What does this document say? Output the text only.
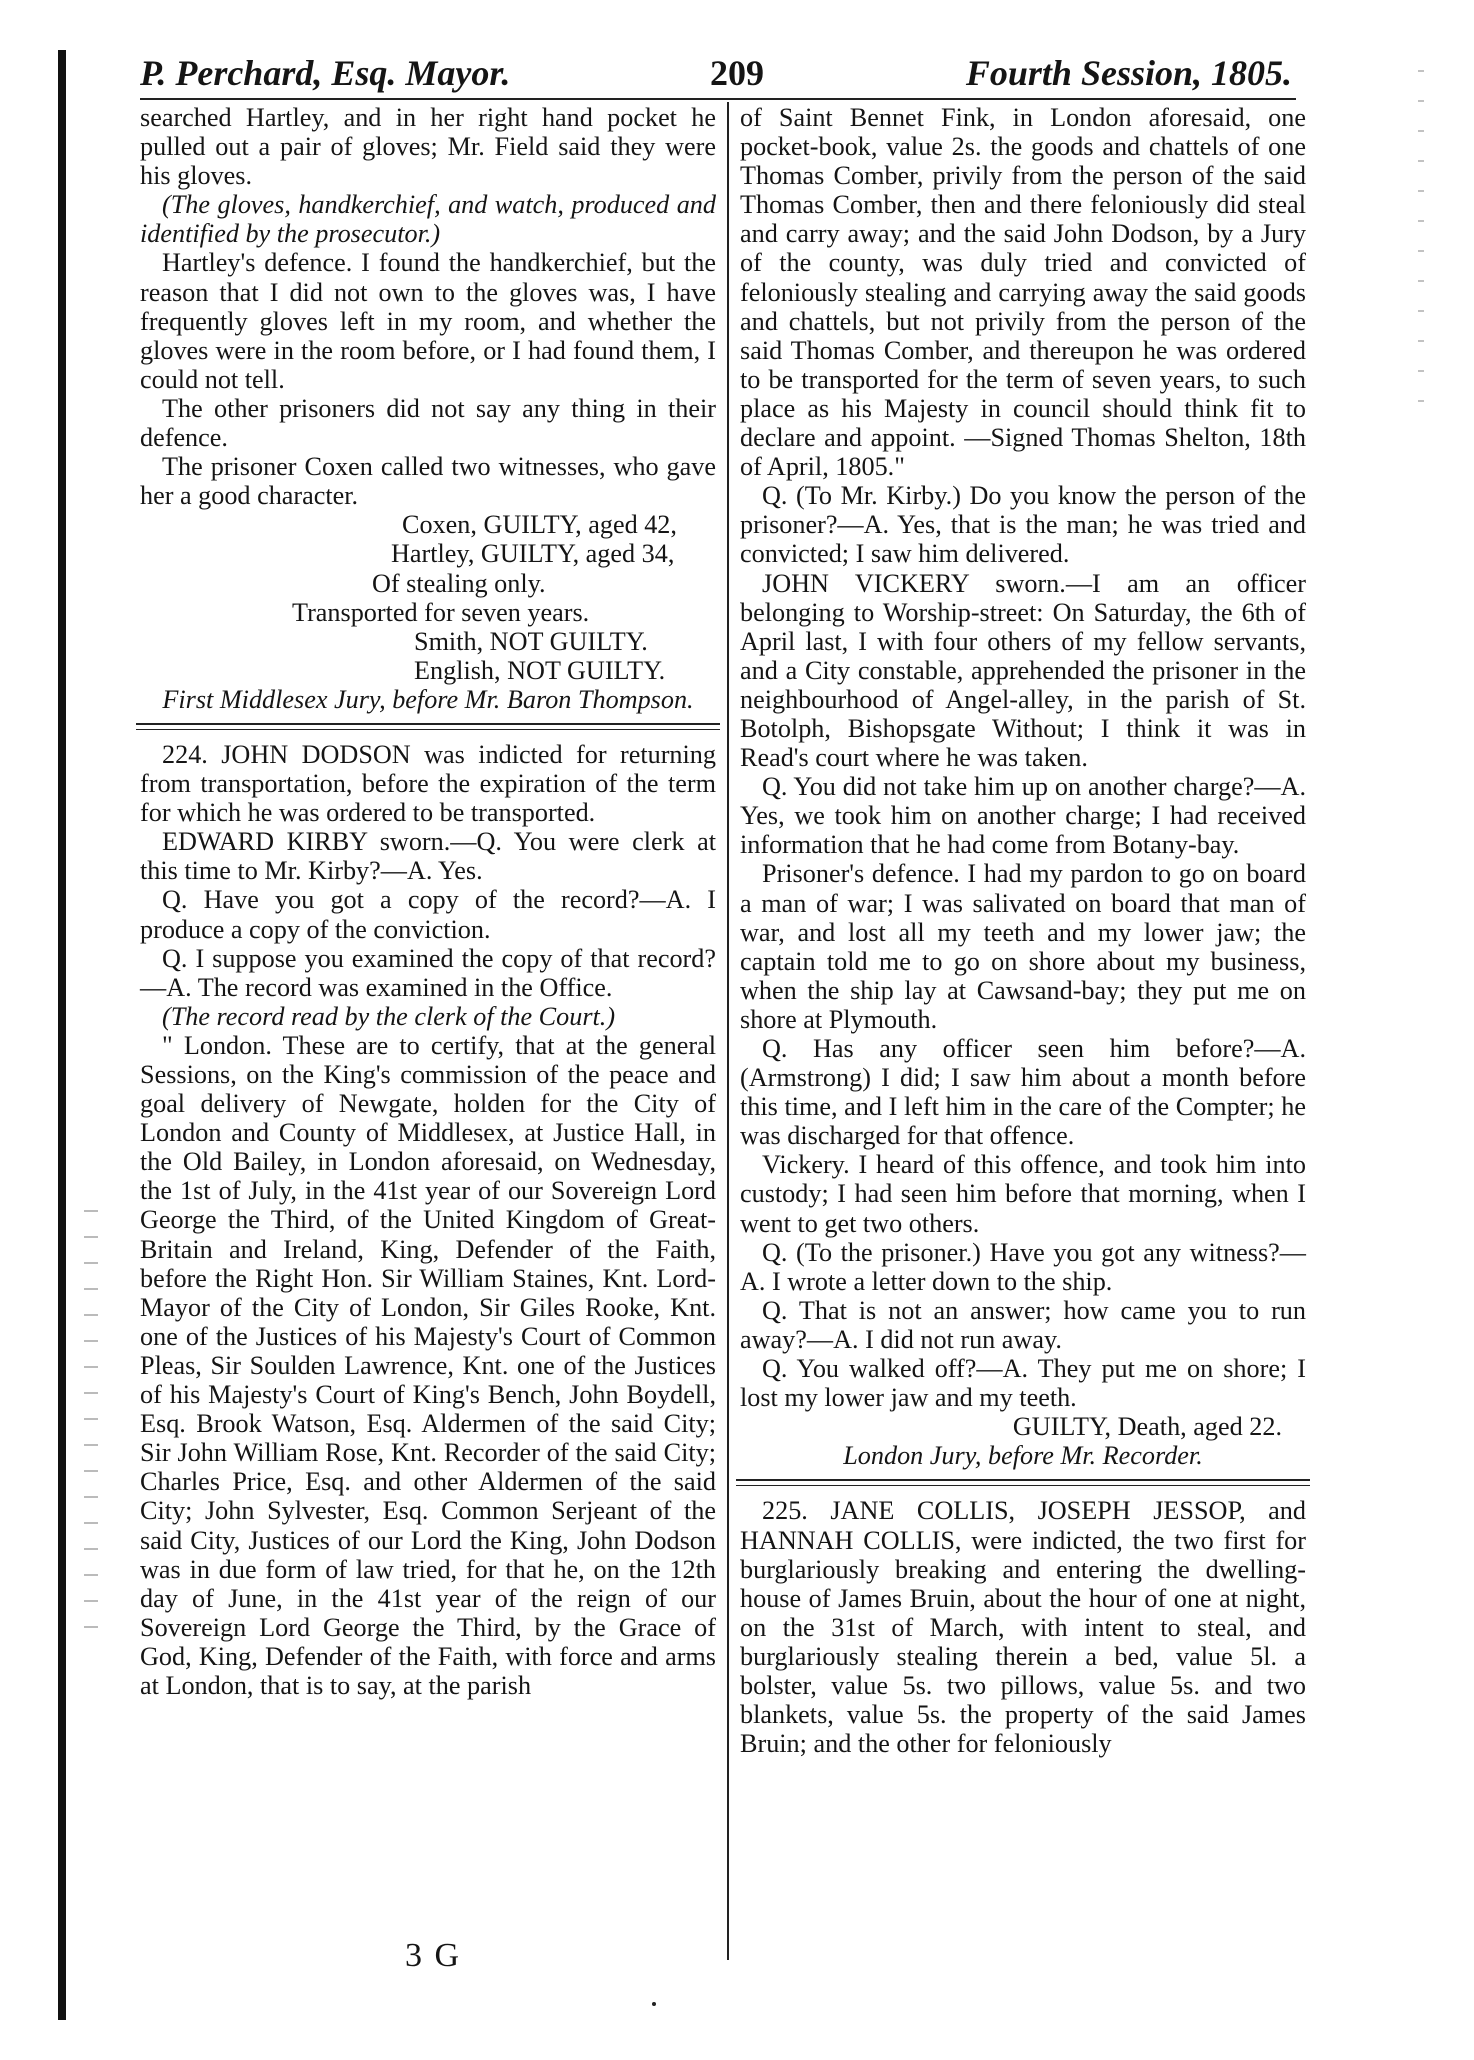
P. Perchard, Esq. Mayor.	209	Fourth Session, 1805.

searched Hartley, and in her right hand pocket he pulled out a pair of gloves; Mr. Field said they were his gloves.

(The gloves, handkerchief, and watch, produced and identified by the prosecutor.)

Hartley's defence. I found the handkerchief, but the reason that I did not own to the gloves was, I have frequently gloves left in my room, and whether the gloves were in the room before, or I had found them, I could not tell.

The other prisoners did not say any thing in their defence.

The prisoner Coxen called two witnesses, who gave her a good character.

Coxen, GUILTY, aged 42,

Hartley, GUILTY, aged 34,

Of stealing only.

Transported for seven years.

Smith, NOT GUILTY.

English, NOT GUILTY.

First Middlesex Jury, before Mr. Baron Thompson.

224. JOHN DODSON was indicted for returning from transportation, before the expiration of the term for which he was ordered to be transported.

EDWARD KIRBY sworn.—Q. You were clerk at this time to Mr. Kirby?—A. Yes.

Q. Have you got a copy of the record?—A. I produce a copy of the conviction.

Q. I suppose you examined the copy of that record?—A. The record was examined in the Office.

(The record read by the clerk of the Court.)

" London. These are to certify, that at the general Sessions, on the King's commission of the peace and goal delivery of Newgate, holden for the City of London and County of Middlesex, at Justice Hall, in the Old Bailey, in London aforesaid, on Wednesday, the 1st of July, in the 41st year of our Sovereign Lord George the Third, of the United Kingdom of Great-Britain and Ireland, King, Defender of the Faith, before the Right Hon. Sir William Staines, Knt. Lord-Mayor of the City of London, Sir Giles Rooke, Knt. one of the Justices of his Majesty's Court of Common Pleas, Sir Soulden Lawrence, Knt. one of the Justices of his Majesty's Court of King's Bench, John Boydell, Esq. Brook Watson, Esq. Aldermen of the said City; Sir John William Rose, Knt. Recorder of the said City; Charles Price, Esq. and other Aldermen of the said City; John Sylvester, Esq. Common Serjeant of the said City, Justices of our Lord the King, John Dodson was in due form of law tried, for that he, on the 12th day of June, in the 41st year of the reign of our Sovereign Lord George the Third, by the Grace of God, King, Defender of the Faith, with force and arms at London, that is to say, at the parish

of Saint Bennet Fink, in London aforesaid, one pocket-book, value 2s. the goods and chattels of one Thomas Comber, privily from the person of the said Thomas Comber, then and there feloniously did steal and carry away; and the said John Dodson, by a Jury of the county, was duly tried and convicted of feloniously stealing and carrying away the said goods and chattels, but not privily from the person of the said Thomas Comber, and thereupon he was ordered to be transported for the term of seven years, to such place as his Majesty in council should think fit to declare and appoint. —Signed Thomas Shelton, 18th of April, 1805."

Q. (To Mr. Kirby.) Do you know the person of the prisoner?—A. Yes, that is the man; he was tried and convicted; I saw him delivered.

JOHN VICKERY sworn.—I am an officer belonging to Worship-street: On Saturday, the 6th of April last, I with four others of my fellow servants, and a City constable, apprehended the prisoner in the neighbourhood of Angel-alley, in the parish of St. Botolph, Bishopsgate Without; I think it was in Read's court where he was taken.

Q. You did not take him up on another charge?—A. Yes, we took him on another charge; I had received information that he had come from Botany-bay.

Prisoner's defence. I had my pardon to go on board a man of war; I was salivated on board that man of war, and lost all my teeth and my lower jaw; the captain told me to go on shore about my business, when the ship lay at Cawsand-bay; they put me on shore at Plymouth.

Q. Has any officer seen him before?—A. (Armstrong) I did; I saw him about a month before this time, and I left him in the care of the Compter; he was discharged for that offence.

Vickery. I heard of this offence, and took him into custody; I had seen him before that morning, when I went to get two others.

Q. (To the prisoner.) Have you got any witness?—A. I wrote a letter down to the ship.

Q. That is not an answer; how came you to run away?—A. I did not run away.

Q. You walked off?—A. They put me on shore; I lost my lower jaw and my teeth.

GUILTY, Death, aged 22.

London Jury, before Mr. Recorder.

225. JANE COLLIS, JOSEPH JESSOP, and HANNAH COLLIS, were indicted, the two first for burglariously breaking and entering the dwelling-house of James Bruin, about the hour of one at night, on the 31st of March, with intent to steal, and burglariously stealing therein a bed, value 5l. a bolster, value 5s. two pillows, value 5s. and two blankets, value 5s. the property of the said James Bruin; and the other for feloniously

3 G
